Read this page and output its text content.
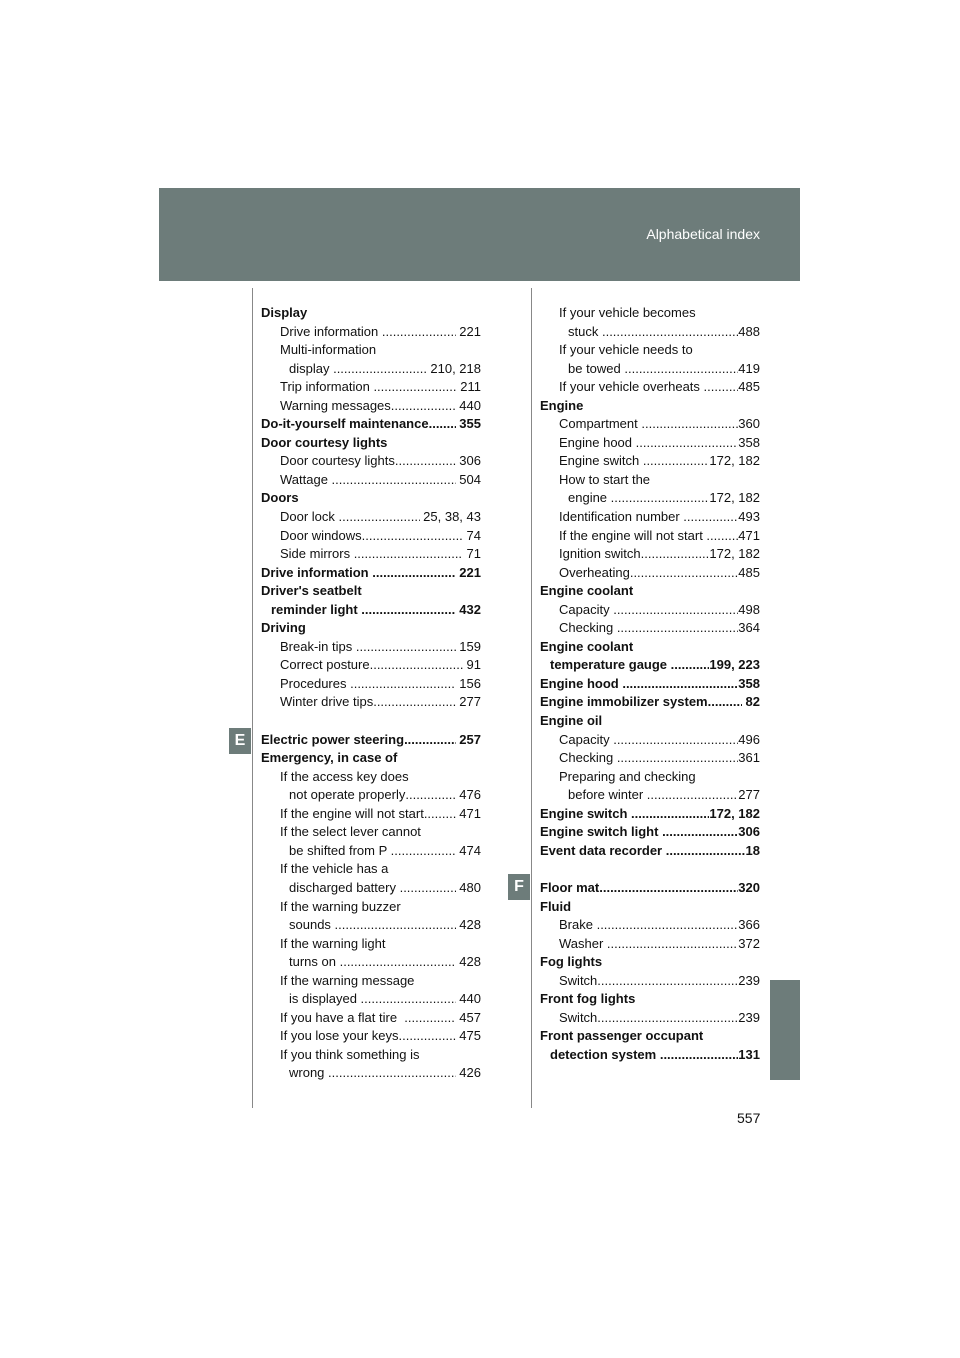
Alphabetical index
E
F
Display
Drive information .....	221
Multi-information
display .....	210, 218
Trip information .....	211
Warning messages .....	440
Do-it-yourself maintenance ..... 355
Door courtesy lights
Door courtesy lights .....	306
Wattage .....	504
Doors
Door lock .....	25, 38, 43
Door windows .....	74
Side mirrors .....	71
Drive information .....	221
Driver's seatbelt
reminder light .....	432
Driving
Break-in tips .....	159
Correct posture .....	91
Procedures .....	156
Winter drive tips .....	277
Electric power steering .....	257
Emergency, in case of
If the access key does
not operate properly .....	476
If the engine will not start ..... 471
If the select lever cannot
be shifted from P .....	474
If the vehicle has a
discharged battery .....	480
If the warning buzzer
sounds .....	428
If the warning light
turns on .....	428
If the warning message
is displayed .....	440
If you have a flat tire .....	457
If you lose your keys .....	475
If you think something is
wrong .....	426
If your vehicle becomes
stuck .....	488
If your vehicle needs to
be towed .....	419
If your vehicle overheats .....	485
Engine
Compartment .....	360
Engine hood .....	358
Engine switch .....	172, 182
How to start the
engine .....	172, 182
Identification number .....	493
If the engine will not start ..... 471
Ignition switch .....	172, 182
Overheating .....	485
Engine coolant
Capacity .....	498
Checking .....	364
Engine coolant
temperature gauge .....	199, 223
Engine hood .....	358
Engine immobilizer system .....	82
Engine oil
Capacity .....	496
Checking .....	361
Preparing and checking
before winter .....	277
Engine switch .....	172, 182
Engine switch light .....	306
Event data recorder .....	18
Floor mat .....	320
Fluid
Brake .....	366
Washer .....	372
Fog lights
Switch .....	239
Front fog lights
Switch .....	239
Front passenger occupant
detection system .....	131
557
